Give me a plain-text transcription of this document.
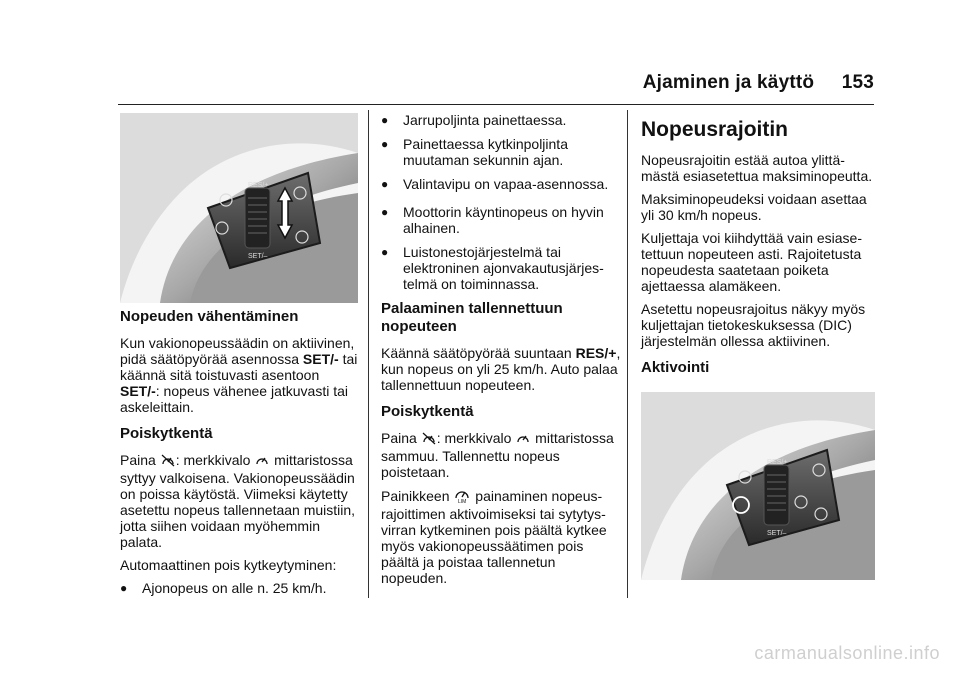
Ajaminen ja käyttö 153
RES/+
SET/–
Nopeuden vähentäminen

Kun vakionopeussäädin on aktiivinen, pidä säätöpyörää asennossa SET/- tai käännä sitä toistuvasti asentoon SET/-: nopeus vähenee jatkuvasti tai askeleittain.

Poiskytkentä

Paina : merkkivalo  mittaristossa syttyy valkoisena. Vakionopeussäädin on poissa käytöstä. Viimeksi käytetty asetettu nopeus tallennetaan muistiin, jotta siihen voidaan myöhemmin palata.

Automaattinen pois kytkeytyminen:

●	Ajonopeus on alle n. 25 km/h.
●	Jarrupoljinta painettaessa.
●	Painettaessa kytkinpoljinta muutaman sekunnin ajan.
●	Valintavipu on vapaa-asennossa.
●	Moottorin käyntinopeus on hyvin alhainen.
●	Luistonestojärjestelmä tai elektroninen ajonvakautusjärjestelmä on toiminnassa.
Palaaminen tallennettuun nopeuteen

Käännä säätöpyörää suuntaan RES/+, kun nopeus on yli 25 km/h. Auto palaa tallennettuun nopeuteen.

Poiskytkentä

Paina : merkkivalo  mittaristossa sammuu. Tallennettu nopeus poistetaan.

Painikkeen LIM painaminen nopeusrajoittimen aktivoimiseksi tai sytytysvirran kytkeminen pois päältä kytkee myös vakionopeussäätimen pois päältä ja poistaa tallennetun nopeuden.

Nopeusrajoitin

Nopeusrajoitin estää autoa ylittämästä esiasetettua maksiminopeutta.

Maksiminopeudeksi voidaan asettaa yli 30 km/h nopeus.

Kuljettaja voi kiihdyttää vain esiasetettuun nopeuteen asti. Rajoitetusta nopeudesta saatetaan poiketa ajettaessa alamäkeen.

Asetettu nopeusrajoitus näkyy myös kuljettajan tietokeskuksessa (DIC) järjestelmän ollessa aktiivinen.

Aktivointi
RES/+
SET/–
carmanualsonline.info
